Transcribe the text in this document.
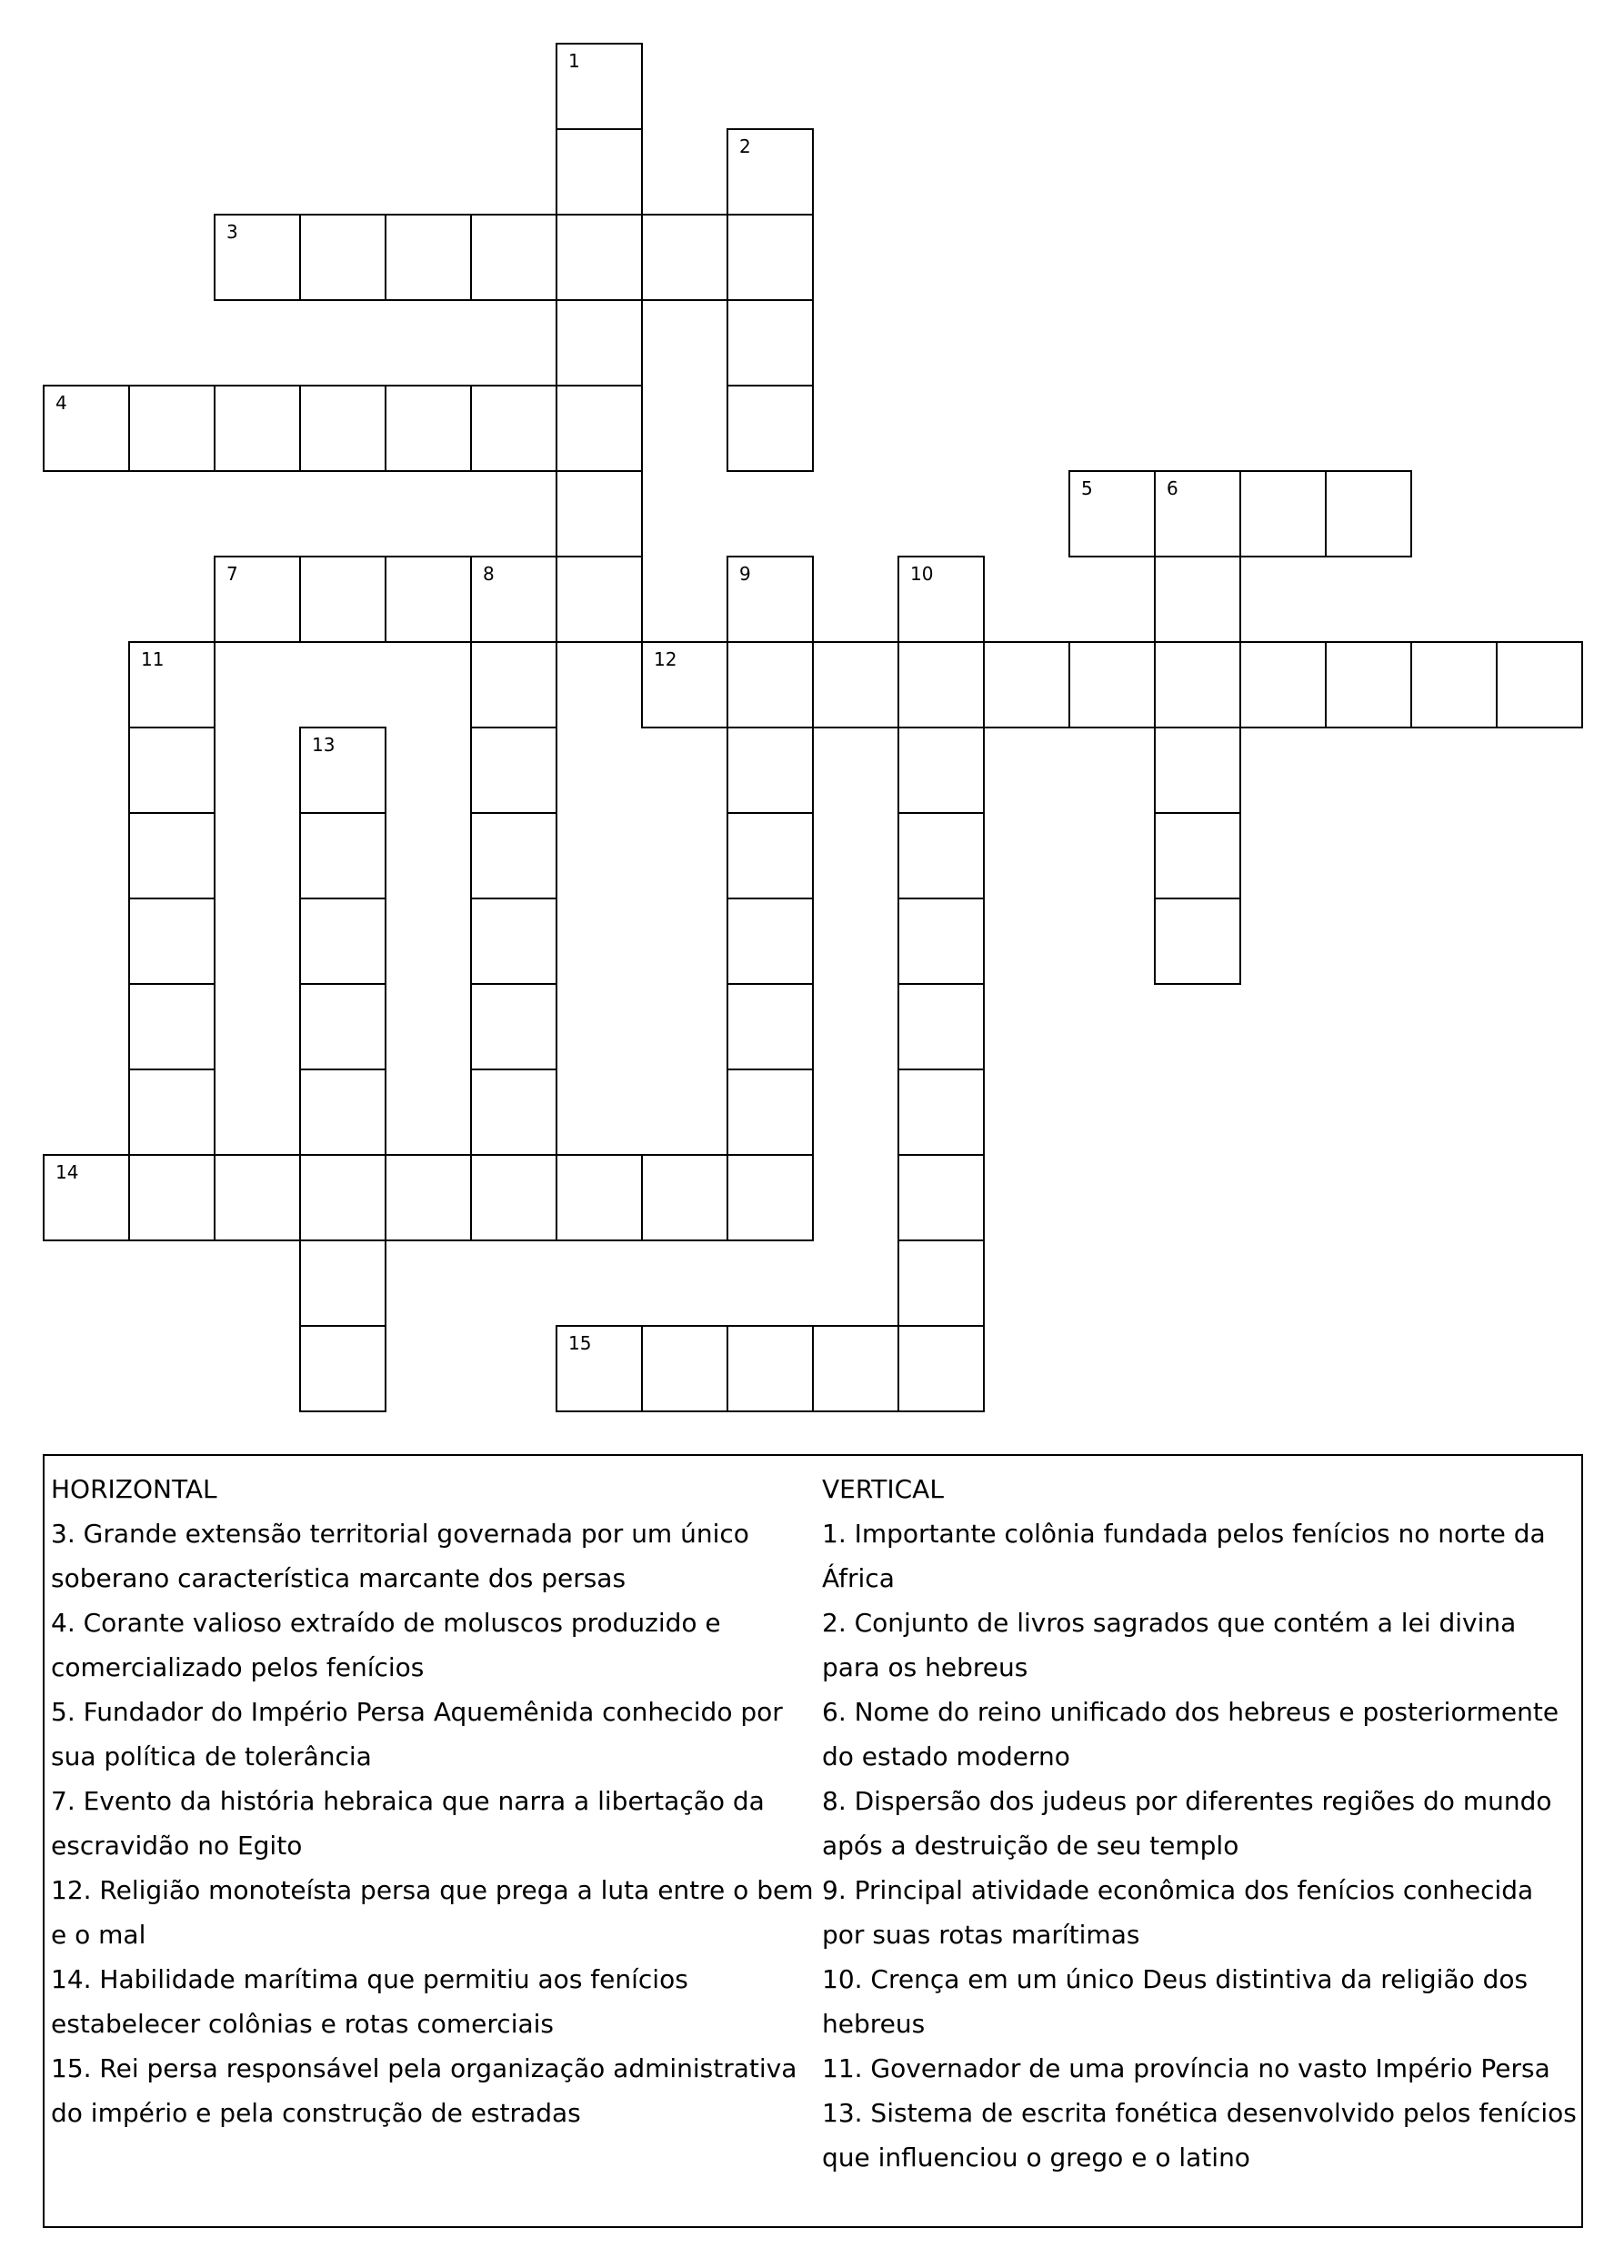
1
2
3
4
5	6
7	8	9	10
11	12
13
14
15
HORIZONTAL
3. Grande extensão territorial governada por um único soberano característica marcante dos persas
4. Corante valioso extraído de moluscos produzido e comercializado pelos fenícios
5. Fundador do Império Persa Aquemênida conhecido por sua política de tolerância
7. Evento da história hebraica que narra a libertação da escravidão no Egito
12. Religião monoteísta persa que prega a luta entre o bem e o mal
14. Habilidade marítima que permitiu aos fenícios estabelecer colônias e rotas comerciais
15. Rei persa responsável pela organização administrativa do império e pela construção de estradas
VERTICAL
1. Importante colônia fundada pelos fenícios no norte da África
2. Conjunto de livros sagrados que contém a lei divina para os hebreus
6. Nome do reino unificado dos hebreus e posteriormente do estado moderno
8. Dispersão dos judeus por diferentes regiões do mundo após a destruição de seu templo
9. Principal atividade econômica dos fenícios conhecida por suas rotas marítimas
10. Crença em um único Deus distintiva da religião dos hebreus
11. Governador de uma província no vasto Império Persa
13. Sistema de escrita fonética desenvolvido pelos fenícios que influenciou o grego e o latino
